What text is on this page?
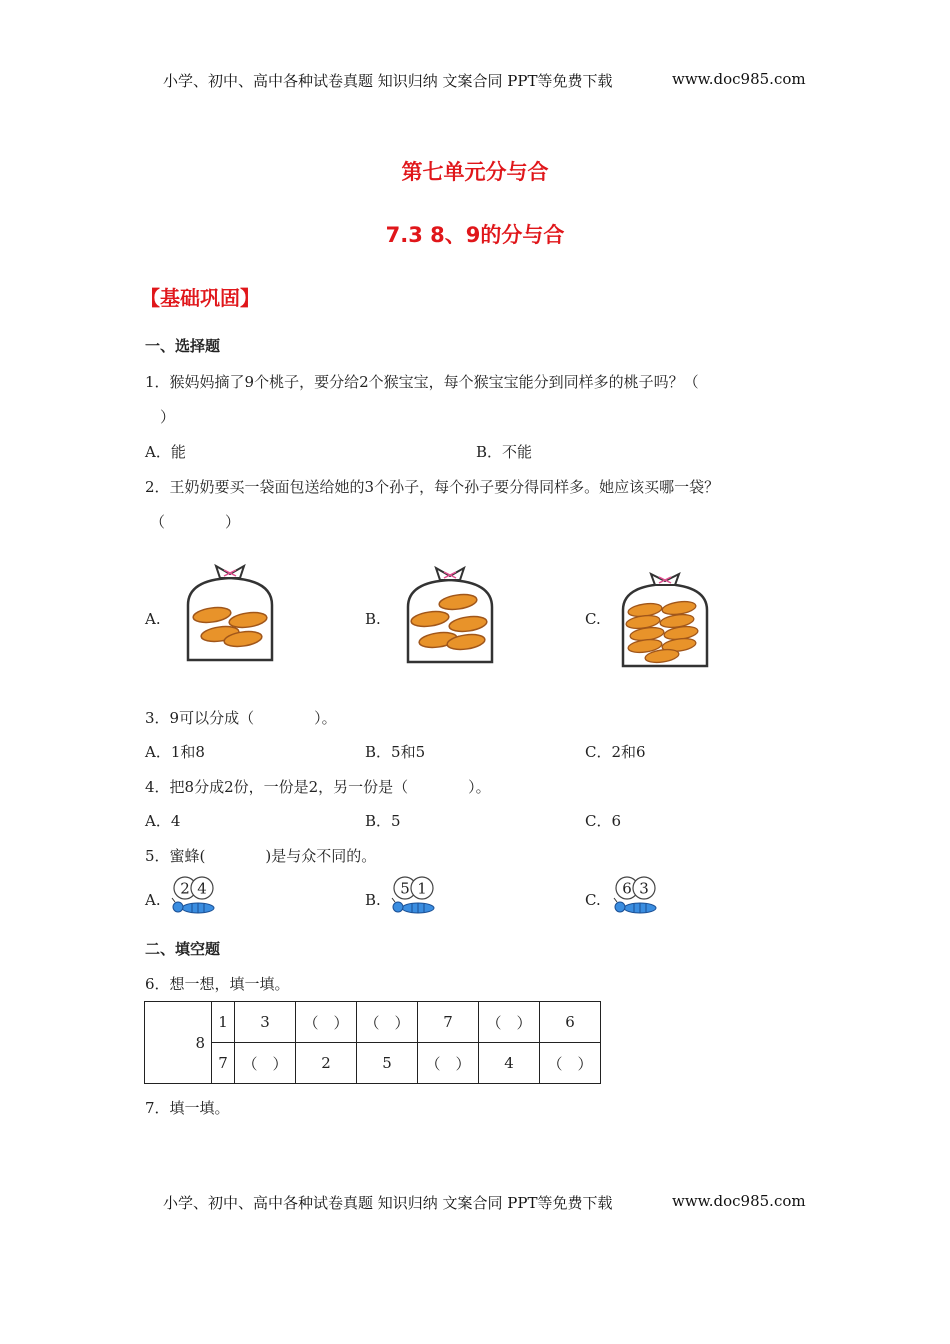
小学、初中、高中各种试卷真题 知识归纳 文案合同 PPT等免费下载	www.doc985.com
第七单元分与合
7.3 8、9的分与合
【基础巩固】
一、选择题
1．猴妈妈摘了9个桃子，要分给2个猴宝宝，每个猴宝宝能分到同样多的桃子吗？（
）
A．能	B．不能
2．王奶奶要买一袋面包送给她的3个孙子，每个孙子要分得同样多。她应该买哪一袋？
（　　　　）
A.	B.	C.
3．9可以分成（　　　　）。
A．1和8	B．5和5	C．2和6
4．把8分成2份，一份是2，另一份是（　　　　）。
A．4	B．5	C．6
5．蜜蜂(　　　　)是与众不同的。
A.	B.	C.
2 4	5 1	6 3
二、填空题
6．想一想，填一填。
8	1	3	（　）	（　）	7	（　）	6
	7	（　）	2	5	（　）	4	（　）
7．填一填。
小学、初中、高中各种试卷真题 知识归纳 文案合同 PPT等免费下载	www.doc985.com
